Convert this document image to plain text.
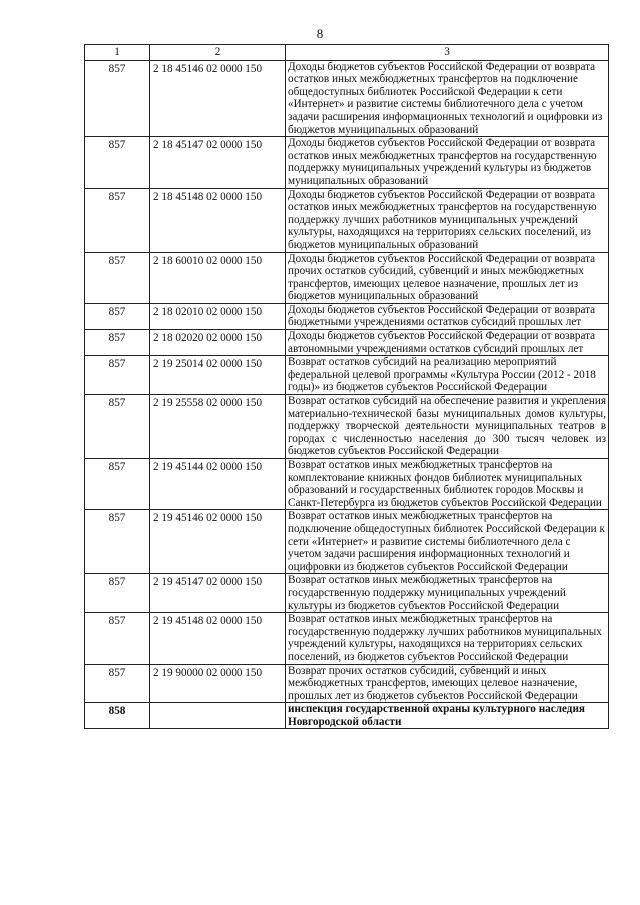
8
1	2	3
857	2 18 45146 02 0000 150	Доходы бюджетов субъектов Российской Федерации от возврата остатков иных межбюджетных трансфертов на подключение общедоступных библиотек Российской Федерации к сети «Интернет» и развитие системы библиотечного дела с учетом задачи расширения информационных технологий и оцифровки из бюджетов муниципальных образований
857	2 18 45147 02 0000 150	Доходы бюджетов субъектов Российской Федерации от возврата остатков иных межбюджетных трансфертов на государственную поддержку муниципальных учреждений культуры из бюджетов муниципальных образований
857	2 18 45148 02 0000 150	Доходы бюджетов субъектов Российской Федерации от возврата остатков иных межбюджетных трансфертов на государственную поддержку лучших работников муниципальных учреждений культуры, находящихся на территориях сельских поселений, из бюджетов муниципальных образований
857	2 18 60010 02 0000 150	Доходы бюджетов субъектов Российской Федерации от возврата прочих остатков субсидий, субвенций и иных межбюджетных трансфертов, имеющих целевое назначение, прошлых лет из бюджетов муниципальных образований
857	2 18 02010 02 0000 150	Доходы бюджетов субъектов Российской Федерации от возврата бюджетными учреждениями остатков субсидий прошлых лет
857	2 18 02020 02 0000 150	Доходы бюджетов субъектов Российской Федерации от возврата автономными учреждениями остатков субсидий прошлых лет
857	2 19 25014 02 0000 150	Возврат остатков субсидий на реализацию мероприятий федеральной целевой программы «Культура России (2012 - 2018 годы)» из бюджетов субъектов Российской Федерации
857	2 19 25558 02 0000 150	Возврат остатков субсидий на обеспечение развития и укрепления материально-технической базы муниципальных домов культуры, поддержку творческой деятельности муниципальных театров в городах с численностью населения до 300 тысяч человек из бюджетов субъектов Российской Федерации
857	2 19 45144 02 0000 150	Возврат остатков иных межбюджетных трансфертов на комплектование книжных фондов библиотек муниципальных образований и государственных библиотек городов Москвы и Санкт-Петербурга из бюджетов субъектов Российской Федерации
857	2 19 45146 02 0000 150	Возврат остатков иных межбюджетных трансфертов на подключение общедоступных библиотек Российской Федерации к сети «Интернет» и развитие системы библиотечного дела с учетом задачи расширения информационных технологий и оцифровки из бюджетов субъектов Российской Федерации
857	2 19 45147 02 0000 150	Возврат остатков иных межбюджетных трансфертов на государственную поддержку муниципальных учреждений культуры из бюджетов субъектов Российской Федерации
857	2 19 45148 02 0000 150	Возврат остатков иных межбюджетных трансфертов на государственную поддержку лучших работников муниципальных учреждений культуры, находящихся на территориях сельских поселений, из бюджетов субъектов Российской Федерации
857	2 19 90000 02 0000 150	Возврат прочих остатков субсидий, субвенций и иных межбюджетных трансфертов, имеющих целевое назначение, прошлых лет из бюджетов субъектов Российской Федерации
858		инспекция государственной охраны культурного наследия Новгородской области
